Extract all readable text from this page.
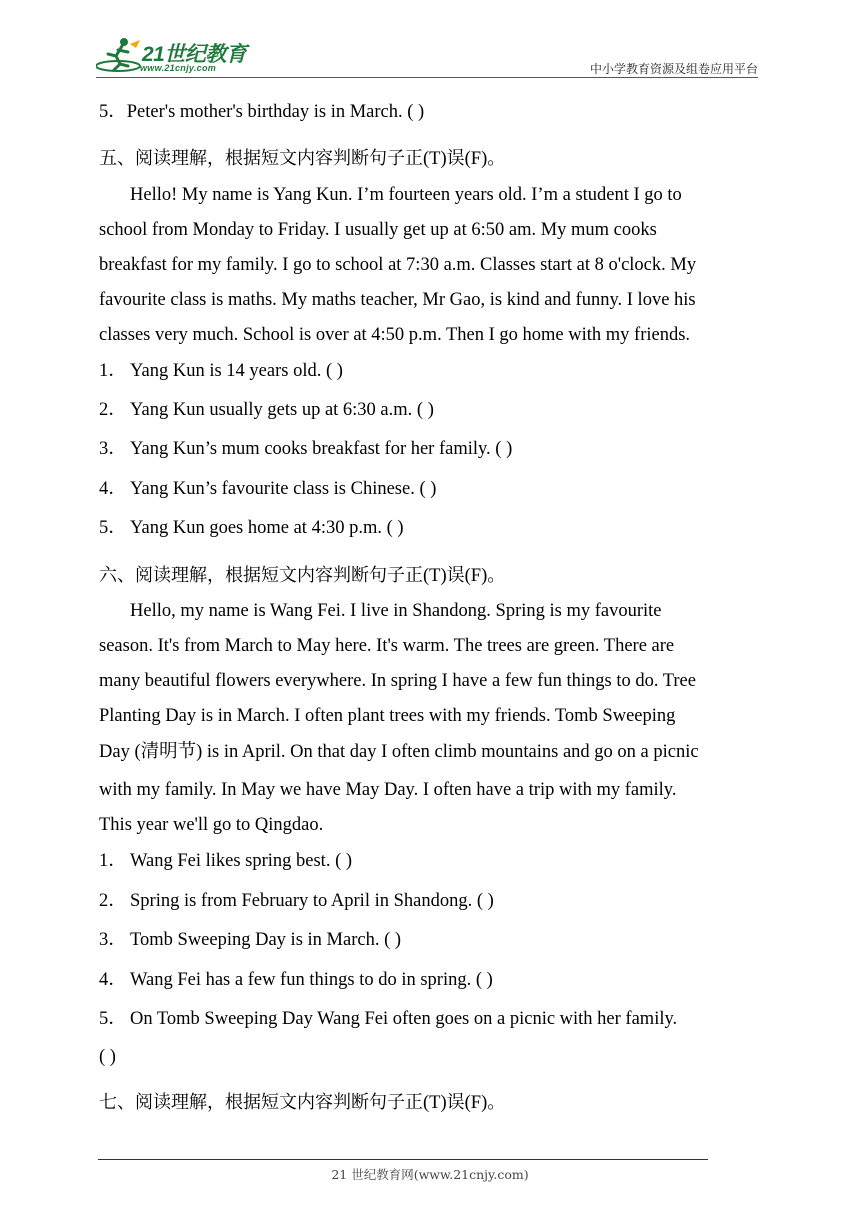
21世纪教育
www.21cnjy.com	中小学教育资源及组卷应用平台
5．Peter's mother's birthday is in March. ( )
五、阅读理解，根据短文内容判断句子正(T)误(F)。
Hello! My name is Yang Kun. I’m fourteen years old. I’m a student I go to
school from Monday to Friday. I usually get up at 6:50 am. My mum cooks
breakfast for my family. I go to school at 7:30 a.m. Classes start at 8 o'clock. My
favourite class is maths. My maths teacher, Mr Gao, is kind and funny. I love his
classes very much. School is over at 4:50 p.m. Then I go home with my friends.
1． Yang Kun is 14 years old. ( )
2． Yang Kun usually gets up at 6:30 a.m. ( )
3． Yang Kun’s mum cooks breakfast for her family. ( )
4． Yang Kun’s favourite class is Chinese. ( )
5． Yang Kun goes home at 4:30 p.m. ( )
六、阅读理解，根据短文内容判断句子正(T)误(F)。
Hello, my name is Wang Fei. I live in Shandong. Spring is my favourite
season. It's from March to May here. It's warm. The trees are green. There are
many beautiful flowers everywhere. In spring I have a few fun things to do. Tree
Planting Day is in March. I often plant trees with my friends. Tomb Sweeping
Day (清明节) is in April. On that day I often climb mountains and go on a picnic
with my family. In May we have May Day. I often have a trip with my family.
This year we'll go to Qingdao.
1． Wang Fei likes spring best. ( )
2． Spring is from February to April in Shandong. ( )
3． Tomb Sweeping Day is in March. ( )
4． Wang Fei has a few fun things to do in spring. ( )
5． On Tomb Sweeping Day Wang Fei often goes on a picnic with her family.
( )
七、阅读理解，根据短文内容判断句子正(T)误(F)。
21 世纪教育网(www.21cnjy.com)
